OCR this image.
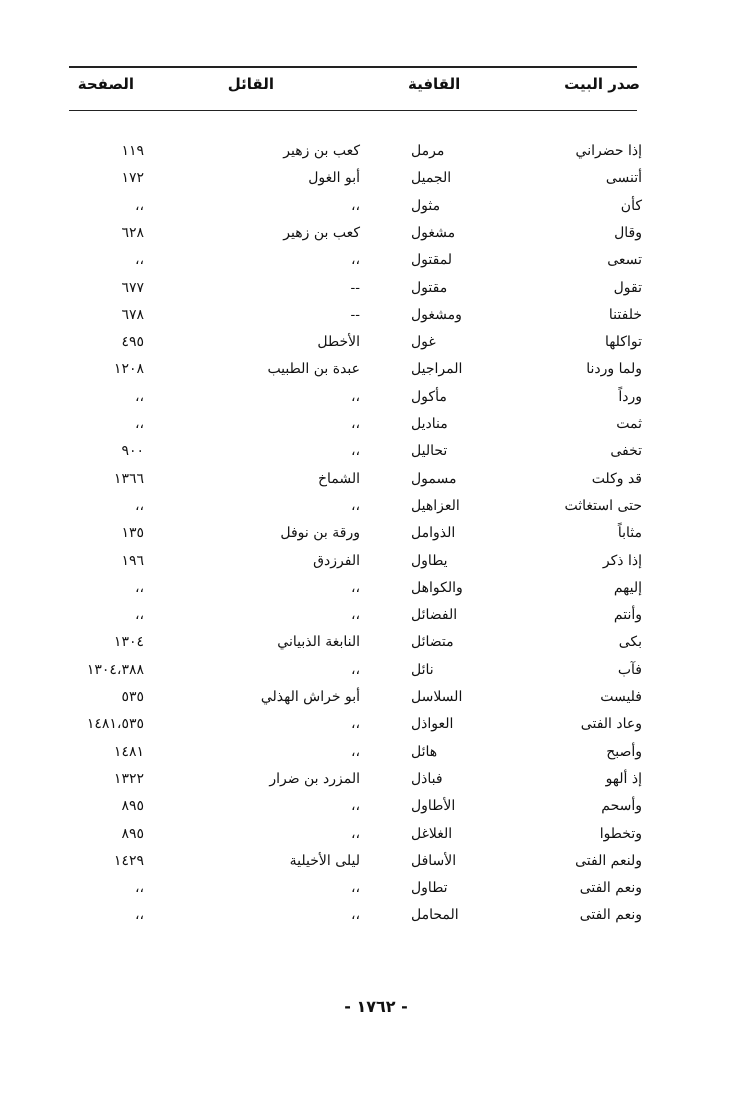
صدر البيت
القافية
القائل
الصفحة
إذا حضراني
مرمل
كعب بن زهير
١١٩
أتنسى
الجميل
أبو الغول
١٧٢
كأن
مثول
،،
،،
وقال
مشغول
كعب بن زهير
٦٢٨
تسعى
لمقتول
،،
،،
تقول
مقتول
--
٦٧٧
خلفتنا
ومشغول
--
٦٧٨
تواكلها
غول
الأخطل
٤٩٥
ولما وردنا
المراجيل
عبدة بن الطبيب
١٢٠٨
ورداً
مأكول
،،
،،
ثمت
مناديل
،،
،،
تخفى
تحاليل
،،
٩٠٠
قد وكلت
مسمول
الشماخ
١٣٦٦
حتى استغاثت
العزاهيل
،،
،،
مثاباً
الذوامل
ورقة بن نوفل
١٣٥
إذا ذكر
يطاول
الفرزدق
١٩٦
إليهم
والكواهل
،،
،،
وأنتم
الفضائل
،،
،،
بكى
متضائل
النابغة الذبياني
١٣٠٤
فآب
نائل
،،
١٣٠٤،٣٨٨
فليست
السلاسل
أبو خراش الهذلي
٥٣٥
وعاد الفتى
العواذل
،،
١٤٨١،٥٣٥
وأصبح
هائل
،،
١٤٨١
إذ ألهو
فباذل
المزرد بن ضرار
١٣٢٢
وأسحم
الأطاول
،،
٨٩٥
وتخطوا
الغلاغل
،،
٨٩٥
ولنعم الفتى
الأسافل
ليلى الأخيلية
١٤٢٩
ونعم الفتى
تطاول
،،
،،
ونعم الفتى
المحامل
،،
،،
- ١٧٦٢ -
